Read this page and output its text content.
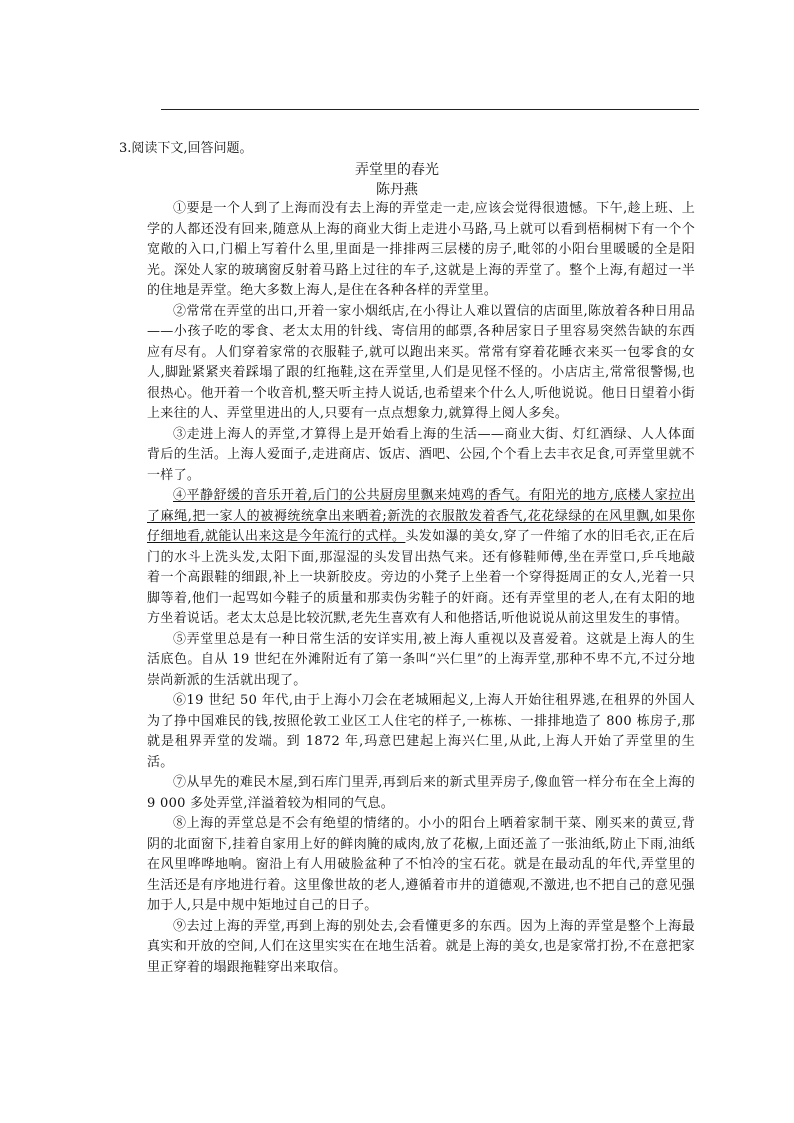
3.阅读下文,回答问题。
弄堂里的春光
陈丹燕

①要是一个人到了上海而没有去上海的弄堂走一走,应该会觉得很遗憾。下午,趁上班、上学的人都还没有回来,随意从上海的商业大街上走进小马路,马上就可以看到梧桐树下有一个个宽敞的入口,门楣上写着什么里,里面是一排排两三层楼的房子,毗邻的小阳台里暖暖的全是阳光。深处人家的玻璃窗反射着马路上过往的车子,这就是上海的弄堂了。整个上海,有超过一半的住地是弄堂。绝大多数上海人,是住在各种各样的弄堂里。

②常常在弄堂的出口,开着一家小烟纸店,在小得让人难以置信的店面里,陈放着各种日用品——小孩子吃的零食、老太太用的针线、寄信用的邮票,各种居家日子里容易突然告缺的东西应有尽有。人们穿着家常的衣服鞋子,就可以跑出来买。常常有穿着花睡衣来买一包零食的女人,脚趾紧紧夹着踩塌了跟的红拖鞋,这在弄堂里,人们是见怪不怪的。小店店主,常常很警惕,也很热心。他开着一个收音机,整天听主持人说话,也希望来个什么人,听他说说。他日日望着小街上来往的人、弄堂里进出的人,只要有一点点想象力,就算得上阅人多矣。

③走进上海人的弄堂,才算得上是开始看上海的生活——商业大街、灯红酒绿、人人体面背后的生活。上海人爱面子,走进商店、饭店、酒吧、公园,个个看上去丰衣足食,可弄堂里就不一样了。

④平静舒缓的音乐开着,后门的公共厨房里飘来炖鸡的香气。有阳光的地方,底楼人家拉出了麻绳,把一家人的被褥统统拿出来晒着;新洗的衣服散发着香气,花花绿绿的在风里飘,如果你仔细地看,就能认出来这是今年流行的式样。头发如瀑的美女,穿了一件缩了水的旧毛衣,正在后门的水斗上洗头发,太阳下面,那湿湿的头发冒出热气来。还有修鞋师傅,坐在弄堂口,乒乓地敲着一个高跟鞋的细跟,补上一块新胶皮。旁边的小凳子上坐着一个穿得挺周正的女人,光着一只脚等着,他们一起骂如今鞋子的质量和那卖伪劣鞋子的奸商。还有弄堂里的老人,在有太阳的地方坐着说话。老太太总是比较沉默,老先生喜欢有人和他搭话,听他说说从前这里发生的事情。

⑤弄堂里总是有一种日常生活的安详实用,被上海人重视以及喜爱着。这就是上海人的生活底色。自从 19 世纪在外滩附近有了第一条叫“兴仁里”的上海弄堂,那种不卑不亢,不过分地崇尚新派的生活就出现了。

⑥19 世纪 50 年代,由于上海小刀会在老城厢起义,上海人开始往租界逃,在租界的外国人为了挣中国难民的钱,按照伦敦工业区工人住宅的样子,一栋栋、一排排地造了 800 栋房子,那就是租界弄堂的发端。到 1872 年,玛意巴建起上海兴仁里,从此,上海人开始了弄堂里的生活。

⑦从早先的难民木屋,到石库门里弄,再到后来的新式里弄房子,像血管一样分布在全上海的9 000 多处弄堂,洋溢着较为相同的气息。

⑧上海的弄堂总是不会有绝望的情绪的。小小的阳台上晒着家制干菜、刚买来的黄豆,背阴的北面窗下,挂着自家用上好的鲜肉腌的咸肉,放了花椒,上面还盖了一张油纸,防止下雨,油纸在风里哗哗地响。窗沿上有人用破脸盆种了不怕冷的宝石花。就是在最动乱的年代,弄堂里的生活还是有序地进行着。这里像世故的老人,遵循着市井的道德观,不激进,也不把自己的意见强加于人,只是中规中矩地过自己的日子。

⑨去过上海的弄堂,再到上海的别处去,会看懂更多的东西。因为上海的弄堂是整个上海最真实和开放的空间,人们在这里实实在在地生活着。就是上海的美女,也是家常打扮,不在意把家里正穿着的塌跟拖鞋穿出来取信。
